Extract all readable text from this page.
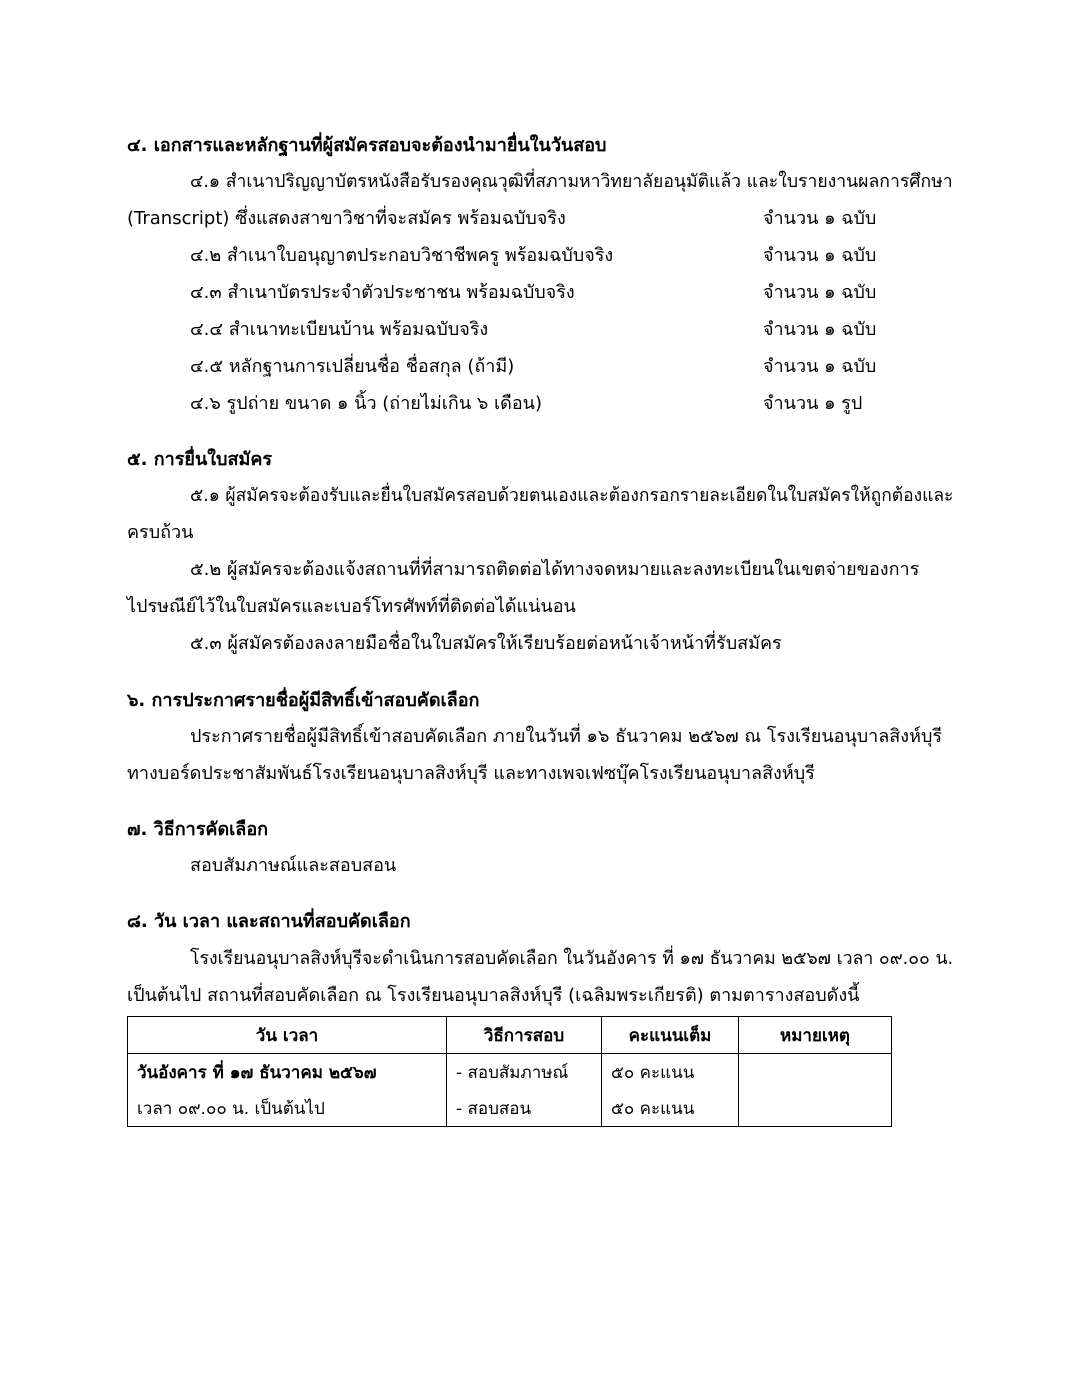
๔. เอกสารและหลักฐานที่ผู้สมัครสอบจะต้องนำมายื่นในวันสอบ
๔.๑ สำเนาปริญญาบัตรหนังสือรับรองคุณวุฒิที่สภามหาวิทยาลัยอนุมัติแล้ว และใบรายงานผลการศึกษา
(Transcript) ซึ่งแสดงสาขาวิชาที่จะสมัคร พร้อมฉบับจริง	จำนวน ๑ ฉบับ
๔.๒ สำเนาใบอนุญาตประกอบวิชาชีพครู พร้อมฉบับจริง	จำนวน ๑ ฉบับ
๔.๓ สำเนาบัตรประจำตัวประชาชน พร้อมฉบับจริง	จำนวน ๑ ฉบับ
๔.๔ สำเนาทะเบียนบ้าน พร้อมฉบับจริง	จำนวน ๑ ฉบับ
๔.๕ หลักฐานการเปลี่ยนชื่อ ชื่อสกุล (ถ้ามี)	จำนวน ๑ ฉบับ
๔.๖ รูปถ่าย ขนาด ๑ นิ้ว (ถ่ายไม่เกิน ๖ เดือน)	จำนวน ๑ รูป
๕. การยื่นใบสมัคร
๕.๑ ผู้สมัครจะต้องรับและยื่นใบสมัครสอบด้วยตนเองและต้องกรอกรายละเอียดในใบสมัครให้ถูกต้องและ
ครบถ้วน
๕.๒ ผู้สมัครจะต้องแจ้งสถานที่ที่สามารถติดต่อได้ทางจดหมายและลงทะเบียนในเขตจ่ายของการ
ไปรษณีย์ไว้ในใบสมัครและเบอร์โทรศัพท์ที่ติดต่อได้แน่นอน
๕.๓ ผู้สมัครต้องลงลายมือชื่อในใบสมัครให้เรียบร้อยต่อหน้าเจ้าหน้าที่รับสมัคร
๖. การประกาศรายชื่อผู้มีสิทธิ์เข้าสอบคัดเลือก
ประกาศรายชื่อผู้มีสิทธิ์เข้าสอบคัดเลือก ภายในวันที่ ๑๖ ธันวาคม ๒๕๖๗ ณ โรงเรียนอนุบาลสิงห์บุรี
ทางบอร์ดประชาสัมพันธ์โรงเรียนอนุบาลสิงห์บุรี และทางเพจเฟซบุ๊คโรงเรียนอนุบาลสิงห์บุรี
๗. วิธีการคัดเลือก
สอบสัมภาษณ์และสอบสอน
๘. วัน เวลา และสถานที่สอบคัดเลือก
โรงเรียนอนุบาลสิงห์บุรีจะดำเนินการสอบคัดเลือก ในวันอังคาร ที่ ๑๗ ธันวาคม ๒๕๖๗ เวลา ๐๙.๐๐ น.
เป็นต้นไป สถานที่สอบคัดเลือก ณ โรงเรียนอนุบาลสิงห์บุรี (เฉลิมพระเกียรติ) ตามตารางสอบดังนี้
วัน เวลา	วิธีการสอบ	คะแนนเต็ม	หมายเหตุ
วันอังคาร ที่ ๑๗ ธันวาคม ๒๕๖๗	- สอบสัมภาษณ์	๕๐ คะแนน	
เวลา ๐๙.๐๐ น. เป็นต้นไป	- สอบสอน	๕๐ คะแนน	
